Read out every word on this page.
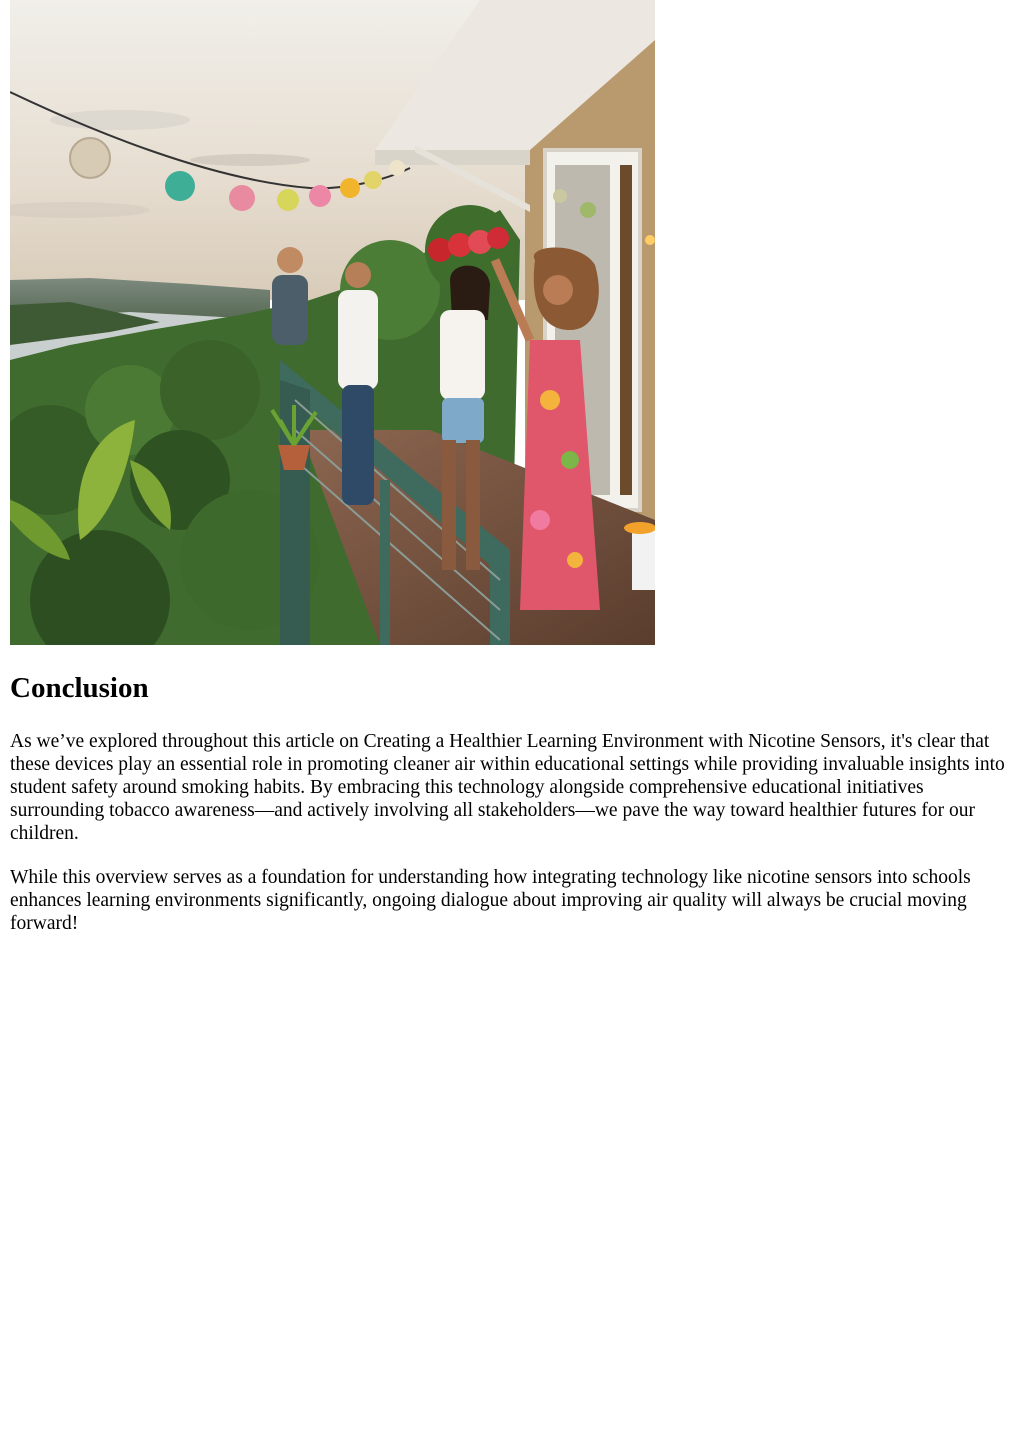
Conclusion

As we’ve explored throughout this article on Creating a Healthier Learning Environment with Nicotine Sensors, it's clear that these devices play an essential role in promoting cleaner air within educational settings while providing invaluable insights into student safety around smoking habits. By embracing this technology alongside comprehensive educational initiatives surrounding tobacco awareness—and actively involving all stakeholders—we pave the way toward healthier futures for our children.

While this overview serves as a foundation for understanding how integrating technology like nicotine sensors into schools enhances learning environments significantly, ongoing dialogue about improving air quality will always be crucial moving forward!
